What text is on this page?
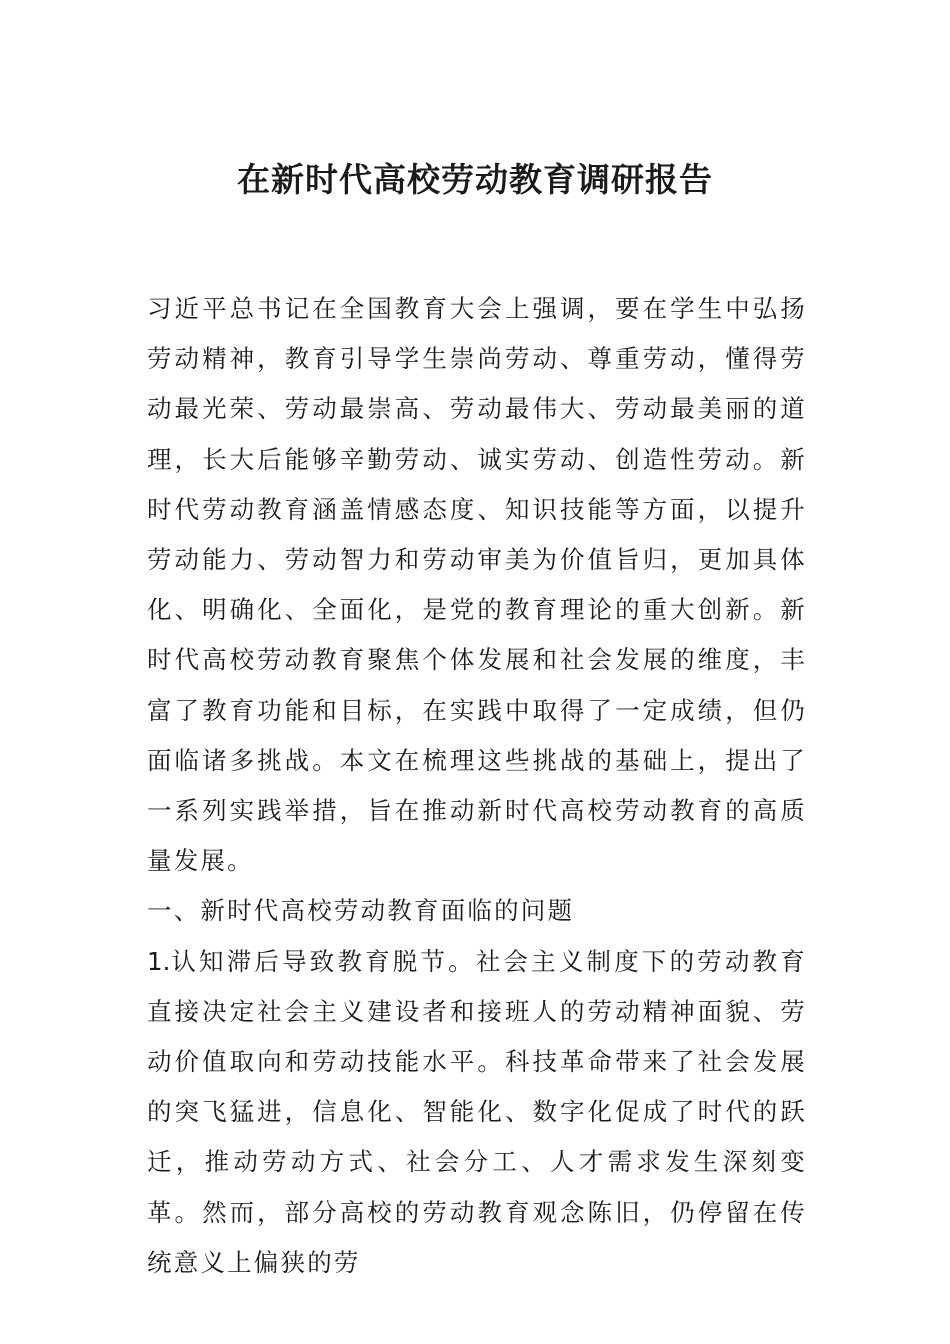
在新时代高校劳动教育调研报告

习近平总书记在全国教育大会上强调，要在学生中弘扬劳动精神，教育引导学生崇尚劳动、尊重劳动，懂得劳动最光荣、劳动最崇高、劳动最伟大、劳动最美丽的道理，长大后能够辛勤劳动、诚实劳动、创造性劳动。新时代劳动教育涵盖情感态度、知识技能等方面，以提升劳动能力、劳动智力和劳动审美为价值旨归，更加具体化、明确化、全面化，是党的教育理论的重大创新。新时代高校劳动教育聚焦个体发展和社会发展的维度，丰富了教育功能和目标，在实践中取得了一定成绩，但仍面临诸多挑战。本文在梳理这些挑战的基础上，提出了一系列实践举措，旨在推动新时代高校劳动教育的高质量发展。

一、新时代高校劳动教育面临的问题

1.认知滞后导致教育脱节。社会主义制度下的劳动教育直接决定社会主义建设者和接班人的劳动精神面貌、劳动价值取向和劳动技能水平。科技革命带来了社会发展的突飞猛进，信息化、智能化、数字化促成了时代的跃迁，推动劳动方式、社会分工、人才需求发生深刻变革。然而，部分高校的劳动教育观念陈旧，仍停留在传统意义上偏狭的劳
